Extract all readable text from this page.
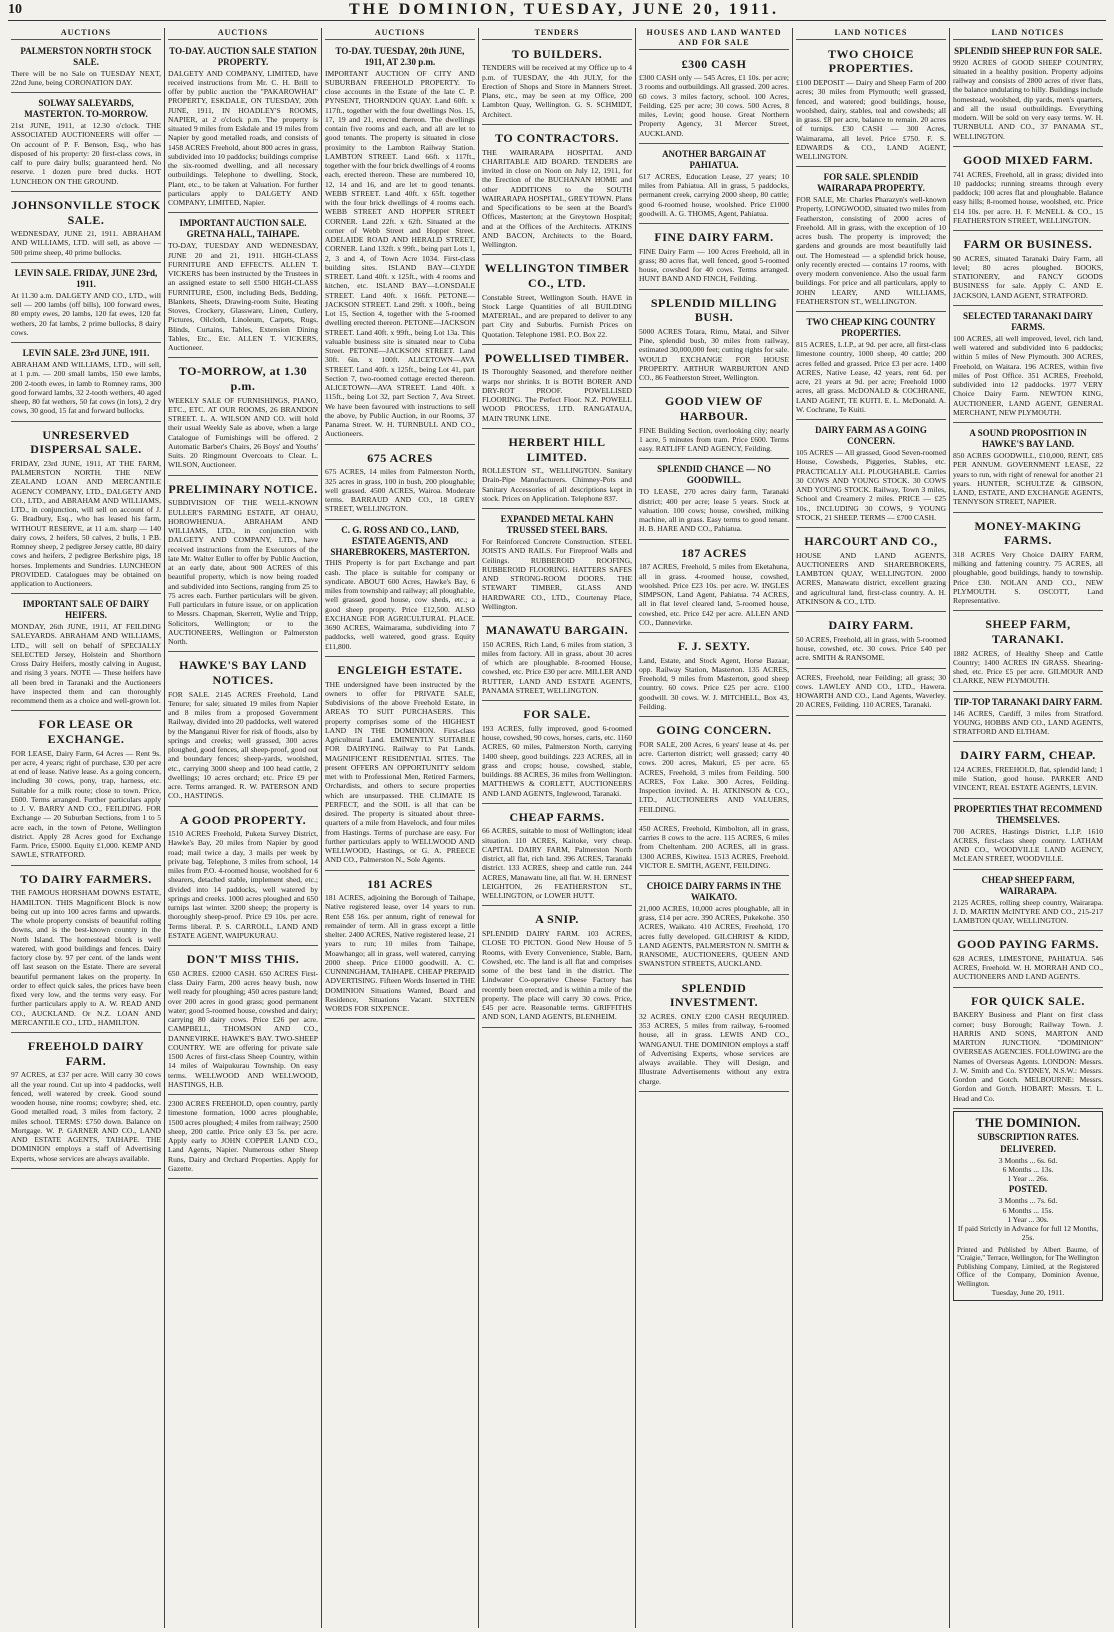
10	THE DOMINION, TUESDAY, JUNE 20, 1911.
AUCTIONS
PALMERSTON NORTH STOCK SALE.

There will be no Sale on TUESDAY NEXT, 22nd June, being CORONATION DAY.

SOLWAY SALEYARDS, MASTERTON. TO-MORROW.

21st JUNE, 1911, at 12.30 o'clock. THE ASSOCIATED AUCTIONEERS will offer — On account of P. F. Benson, Esq., who has disposed of his property: 20 first-class cows, in calf to pure dairy bulls; guaranteed herd. No reserve. 1 dozen pure bred ducks. HOT LUNCHEON ON THE GROUND.

JOHNSONVILLE STOCK SALE.

WEDNESDAY, JUNE 21, 1911. ABRAHAM AND WILLIAMS, LTD. will sell, as above — 500 prime sheep, 40 prime bullocks.

LEVIN SALE. FRIDAY, JUNE 23rd, 1911.

At 11.30 a.m. DALGETY AND CO., LTD., will sell — 200 lambs (off bills), 100 forward ewes, 80 empty ewes, 20 lambs, 120 fat ewes, 120 fat wethers, 20 fat lambs, 2 prime bullocks, 8 dairy cows.

LEVIN SALE. 23rd JUNE, 1911.

ABRAHAM AND WILLIAMS, LTD., will sell, at 1 p.m. — 200 small lambs, 150 ewe lambs, 200 2-tooth ewes, in lamb to Romney rams, 300 good forward lambs, 32 2-tooth wethers, 40 aged sheep, 80 fat wethers, 50 fat cows (in lots), 2 dry cows, 30 good, 15 fat and forward bullocks.

UNRESERVED DISPERSAL SALE.

FRIDAY, 23rd JUNE, 1911, AT THE FARM, PALMERSTON NORTH. THE NEW ZEALAND LOAN AND MERCANTILE AGENCY COMPANY, LTD., DALGETY AND CO., LTD., and ABRAHAM AND WILLIAMS, LTD., in conjunction, will sell on account of J. G. Bradbury, Esq., who has leased his farm, WITHOUT RESERVE, at 11 a.m. sharp — 140 dairy cows, 2 heifers, 50 calves, 2 bulls, 1 P.B. Romney sheep, 2 pedigree Jersey cattle, 80 dairy cows and heifers, 2 pedigree Berkshire pigs, 18 horses. Implements and Sundries. LUNCHEON PROVIDED. Catalogues may be obtained on application to Auctioneers.

IMPORTANT SALE OF DAIRY HEIFERS.

MONDAY, 26th JUNE, 1911, AT FEILDING SALEYARDS. ABRAHAM AND WILLIAMS, LTD., will sell on behalf of SPECIALLY SELECTED Jersey, Holstein and Shorthorn Cross Dairy Heifers, mostly calving in August, and rising 3 years. NOTE — These heifers have all been bred in Taranaki and the Auctioneers have inspected them and can thoroughly recommend them as a choice and well-grown lot.

FOR LEASE OR EXCHANGE.

FOR LEASE, Dairy Farm, 64 Acres — Rent 9s. per acre, 4 years; right of purchase, £30 per acre at end of lease. Native lease. As a going concern, including 30 cows, pony, trap, harness, etc. Suitable for a milk route; close to town. Price, £600. Terms arranged. Further particulars apply to J. V. BARRY AND CO., FEILDING. FOR Exchange — 20 Suburban Sections, from 1 to 5 acre each, in the town of Petone, Wellington district. Apply 28 Acres good for Exchange Farm. Price, £5000. Equity £1,000. KEMP AND SAWLE, STRATFORD.

TO DAIRY FARMERS.

THE FAMOUS HORSHAM DOWNS ESTATE, HAMILTON. THIS Magnificent Block is now being cut up into 100 acres farms and upwards. The whole property consists of beautiful rolling downs, and is the best-known country in the North Island. The homestead block is well watered, with good buildings and fences. Dairy factory close by. 97 per cent. of the lands went off last season on the Estate. There are several beautiful permanent lakes on the property. In order to effect quick sales, the prices have been fixed very low, and the terms very easy. For further particulars apply to A. W. READ AND CO., AUCKLAND. Or N.Z. LOAN AND MERCANTILE CO., LTD., HAMILTON.

FREEHOLD DAIRY FARM.

97 ACRES, at £37 per acre. Will carry 30 cows all the year round. Cut up into 4 paddocks, well fenced, well watered by creek. Good sound wooden house, nine rooms; cowbyre; shed, etc. Good metalled road, 3 miles from factory, 2 miles school. TERMS: £750 down. Balance on Mortgage. W. P. GARNER AND CO., LAND AND ESTATE AGENTS, TAIHAPE. THE DOMINION employs a staff of Advertising Experts, whose services are always available.

AUCTIONS
TO-DAY. AUCTION SALE STATION PROPERTY.

DALGETY AND COMPANY, LIMITED, have received instructions from Mr. C. H. Brill to offer by public auction the "PAKAROWHAI" PROPERTY, ESKDALE, ON TUESDAY, 20th JUNE, 1911, IN HOADLEY'S ROOMS, NAPIER, at 2 o'clock p.m. The property is situated 9 miles from Eskdale and 19 miles from Napier by good metalled roads, and consists of 1458 ACRES Freehold, about 800 acres in grass, subdivided into 10 paddocks; buildings comprise the six-roomed dwelling, and all necessary outbuildings. Telephone to dwelling. Stock, Plant, etc., to be taken at Valuation. For further particulars apply to DALGETY AND COMPANY, LIMITED, Napier.

IMPORTANT AUCTION SALE. GRETNA HALL, TAIHAPE.

TO-DAY, TUESDAY AND WEDNESDAY, JUNE 20 and 21, 1911. HIGH-CLASS FURNITURE AND EFFECTS. ALLEN T. VICKERS has been instructed by the Trustees in an assigned estate to sell £500 HIGH-CLASS FURNITURE, £500, including Beds, Bedding, Blankets, Sheets, Drawing-room Suite, Heating Stoves, Crockery, Glassware, Linen, Cutlery, Pictures, Oilcloth, Linoleum, Carpets, Rugs, Blinds, Curtains, Tables, Extension Dining Tables, Etc., Etc. ALLEN T. VICKERS, Auctioneer.

TO-MORROW, at 1.30 p.m.

WEEKLY SALE OF FURNISHINGS, PIANO, ETC., ETC. AT OUR ROOMS, 26 BRANDON STREET. L. A. WILSON AND CO. will hold their usual Weekly Sale as above, when a large Catalogue of Furnishings will be offered. 2 Automatic Barber's Chairs, 26 Boys' and Youths' Suits. 20 Ringmount Overcoats to Clear. L. WILSON, Auctioneer.

PRELIMINARY NOTICE.

SUBDIVISION OF THE WELL-KNOWN EULLER'S FARMING ESTATE, AT OHAU, HOROWHENUA. ABRAHAM AND WILLIAMS, LTD., in conjunction with DALGETY AND COMPANY, LTD., have received instructions from the Executors of the late Mr. Walter Euller to offer by Public Auction, at an early date, about 900 ACRES of this beautiful property, which is now being roaded and subdivided into Sections, ranging from 25 to 75 acres each. Further particulars will be given. Full particulars in future issue, or on application to Messrs. Chapman, Skerrett, Wylie and Tripp, Solicitors, Wellington; or to the AUCTIONEERS, Wellington or Palmerston North.

HAWKE'S BAY LAND NOTICES.

FOR SALE. 2145 ACRES Freehold, Land Tenure; for sale; situated 19 miles from Napier and 8 miles from a proposed Government Railway, divided into 20 paddocks, well watered by the Manganui River for risk of floods, also by springs and creeks; well grassed, 300 acres ploughed, good fences, all sheep-proof, good out and boundary fences; sheep-yards, woolshed, etc., carrying 3000 sheep and 100 head cattle, 2 dwellings; 10 acres orchard; etc. Price £9 per acre. Terms arranged. R. W. PATERSON AND CO., HASTINGS.

A GOOD PROPERTY.

1510 ACRES Freehold, Puketa Survey District, Hawke's Bay, 20 miles from Napier by good road; mail twice a day, 3 mails per week by private bag. Telephone, 3 miles from school, 14 miles from P.O. 4-roomed house, woolshed for 6 shearers, detached stable, implement shed, etc.; divided into 14 paddocks, well watered by springs and creeks. 1000 acres ploughed and 650 turnips last winter. 3200 sheep; the property is thoroughly sheep-proof. Price £9 10s. per acre. Terms liberal. P. S. CARROLL, LAND AND ESTATE AGENT, WAIPUKURAU.

DON'T MISS THIS.

650 ACRES. £2000 CASH. 650 ACRES First-class Dairy Farm, 200 acres heavy bush, now well ready for ploughing; 450 acres pasture land; over 200 acres in good grass; good permanent water; good 5-roomed house, cowshed and dairy; carrying 80 dairy cows. Price £26 per acre. CAMPBELL, THOMSON AND CO., DANNEVIRKE. HAWKE'S BAY. TWO-SHEEP COUNTRY. WE are offering for private sale 1500 Acres of first-class Sheep Country, within 14 miles of Waipukurau Township. On easy terms. WELLWOOD AND WELLWOOD, HASTINGS, H.B.

2300 ACRES FREEHOLD, open country, partly limestone formation, 1000 acres ploughable, 1500 acres ploughed; 4 miles from railway; 2500 sheep, 200 cattle. Price only £3 5s. per acre. Apply early to JOHN COPPER LAND CO., Land Agents, Napier. Numerous other Sheep Runs, Dairy and Orchard Properties. Apply for Gazette.

AUCTIONS
TO-DAY. TUESDAY, 20th JUNE, 1911, AT 2.30 p.m.

IMPORTANT AUCTION OF CITY AND SUBURBAN FREEHOLD PROPERTY. To close accounts in the Estate of the late C. P. PYNSENT, THORNDON QUAY. Land 60ft. x 117ft., together with the four dwellings Nos. 15, 17, 19 and 21, erected thereon. The dwellings contain five rooms and each, and all are let to good tenants. The property is situated in close proximity to the Lambton Railway Station. LAMBTON STREET. Land 66ft. x 117ft., together with the four brick dwellings of 4 rooms each, erected thereon. These are numbered 10, 12, 14 and 16, and are let to good tenants. WEBB STREET. Land 40ft. x 65ft. together with the four brick dwellings of 4 rooms each. WEBB STREET AND HOPPER STREET CORNER. Land 22ft. x 62ft. Situated at the corner of Webb Street and Hopper Street. ADELAIDE ROAD AND HERALD STREET, CORNER. Land 132ft. x 99ft., being part Lots 1, 2, 3 and 4, of Town Acre 1034. First-class building sites. ISLAND BAY—CLYDE STREET. Land 40ft. x 125ft., with 4 rooms and kitchen, etc. ISLAND BAY—LONSDALE STREET. Land 40ft. x 166ft. PETONE—JACKSON STREET. Land 29ft. x 100ft., being Lot 15, Section 4, together with the 5-roomed dwelling erected thereon. PETONE—JACKSON STREET. Land 40ft. x 99ft., being Lot 13a. This valuable business site is situated near to Cuba Street. PETONE—JACKSON STREET. Land 30ft. 6in. x 100ft. ALICETOWN—AVA STREET. Land 40ft. x 125ft., being Lot 41, part Section 7, two-roomed cottage erected thereon. ALICETOWN—AVA STREET. Land 40ft. x 115ft., being Lot 32, part Section 7, Ava Street. We have been favoured with instructions to sell the above, by Public Auction, in our Rooms, 37 Panama Street. W. H. TURNBULL AND CO., Auctioneers.

675 ACRES

675 ACRES, 14 miles from Palmerston North, 325 acres in grass, 100 in bush, 200 ploughable; well grassed. 4500 ACRES, Wairoa. Moderate terms. BARRAUD AND CO., 18 GREY STREET, WELLINGTON.

C. G. ROSS AND CO., LAND, ESTATE AGENTS, AND SHAREBROKERS, MASTERTON.

THIS Property is for part Exchange and part cash. The place is suitable for company or syndicate. ABOUT 600 Acres, Hawke's Bay, 6 miles from township and railway; all ploughable, well grassed, good house, cow sheds, etc.; a good sheep property. Price £12,500. ALSO EXCHANGE FOR AGRICULTURAL PLACE. 3690 ACRES, Waimarama, subdividing into 7 paddocks, well watered, good grass. Equity £11,800.

ENGLEIGH ESTATE.

THE undersigned have been instructed by the owners to offer for PRIVATE SALE, Subdivisions of the above Freehold Estate, in AREAS TO SUIT PURCHASERS. This property comprises some of the HIGHEST LAND IN THE DOMINION. First-class Agricultural Land. EMINENTLY SUITABLE FOR DAIRYING. Railway to Pat Lands. MAGNIFICENT RESIDENTIAL SITES. The present OFFERS AN OPPORTUNITY seldom met with to Professional Men, Retired Farmers, Orchardists, and others to secure properties which are unsurpassed. THE CLIMATE IS PERFECT, and the SOIL is all that can be desired. The property is situated about three-quarters of a mile from Havelock, and four miles from Hastings. Terms of purchase are easy. For further particulars apply to WELLWOOD AND WELLWOOD, Hastings, or G. A. PREECE AND CO., Palmerston N., Sole Agents.

181 ACRES

181 ACRES, adjoining the Borough of Taihape, Native registered lease, over 14 years to run. Rent £58 16s. per annum, right of renewal for remainder of term. All in grass except a little shelter. 2400 ACRES, Native registered lease, 21 years to run; 10 miles from Taihape, Moawhango; all in grass, well watered, carrying 2000 sheep. Price £1000 goodwill. A. C. CUNNINGHAM, TAIHAPE. CHEAP PREPAID ADVERTISING. Fifteen Words Inserted in THE DOMINION Situations Wanted, Board and Residence, Situations Vacant. SIXTEEN WORDS FOR SIXPENCE.

TENDERS
TO BUILDERS.

TENDERS will be received at my Office up to 4 p.m. of TUESDAY, the 4th JULY, for the Erection of Shops and Store in Manners Street. Plans, etc., may be seen at my Office, 200 Lambton Quay, Wellington. G. S. SCHMIDT, Architect.

TO CONTRACTORS.

THE WAIRARAPA HOSPITAL AND CHARITABLE AID BOARD. TENDERS are invited in close on Noon on July 12, 1911, for the Erection of the BUCHANAN HOME and other ADDITIONS to the SOUTH WAIRARAPA HOSPITAL, GREYTOWN. Plans and Specifications to be seen at the Board's Offices, Masterton; at the Greytown Hospital; and at the Offices of the Architects. ATKINS AND BACON, Architects to the Board, Wellington.

WELLINGTON TIMBER CO., LTD.

Constable Street, Wellington South. HAVE in Stock Large Quantities of all BUILDING MATERIAL, and are prepared to deliver to any part City and Suburbs. Furnish Prices on Quotation. Telephone 1981. P.O. Box 22.

POWELLISED TIMBER.

IS Thoroughly Seasoned, and therefore neither warps nor shrinks. It is BOTH BORER AND DRY-ROT PROOF. POWELLISED FLOORING. The Perfect Floor. N.Z. POWELL WOOD PROCESS, LTD. RANGATAUA, MAIN TRUNK LINE.

HERBERT HILL LIMITED.

ROLLESTON ST., WELLINGTON. Sanitary Drain-Pipe Manufacturers. Chimney-Pots and Sanitary Accessories of all descriptions kept in stock. Prices on Application. Telephone 837.

EXPANDED METAL KAHN TRUSSED STEEL BARS.

For Reinforced Concrete Construction. STEEL JOISTS AND RAILS. For Fireproof Walls and Ceilings. RUBBEROID ROOFING, RUBBEROID FLOORING. HATTERS SAFES AND STRONG-ROOM DOORS. THE STEWART TIMBER, GLASS AND HARDWARE CO., LTD., Courtenay Place, Wellington.

MANAWATU BARGAIN.

150 ACRES, Rich Land, 6 miles from station, 3 miles from factory. All in grass, about 30 acres of which are ploughable. 8-roomed House, cowshed, etc. Price £30 per acre. MILLER AND RUTTER, LAND AND ESTATE AGENTS, PANAMA STREET, WELLINGTON.

FOR SALE.

193 ACRES, fully improved, good 6-roomed house, cowshed, 90 cows, horses, carts, etc. 1160 ACRES, 60 miles, Palmerston North, carrying 1400 sheep, good buildings. 223 ACRES, all in grass and crops; house, cowshed, stable, buildings. 88 ACRES, 36 miles from Wellington. MATTHEWS & CORLETT, AUCTIONEERS AND LAND AGENTS, Inglewood, Taranaki.

CHEAP FARMS.

66 ACRES, suitable to most of Wellington; ideal situation. 110 ACRES, Kaitoke, very cheap. CAPITAL DAIRY FARM, Palmerston North district, all flat, rich land. 396 ACRES, Taranaki district. 133 ACRES, sheep and cattle run. 244 ACRES, Manawatu line, all flat. W. H. ERNEST LEIGHTON, 26 FEATHERSTON ST., WELLINGTON, or LOWER HUTT.

A SNIP.

SPLENDID DAIRY FARM. 103 ACRES, CLOSE TO PICTON. Good New House of 5 Rooms, with Every Convenience, Stable, Barn, Cowshed, etc. The land is all flat and comprises some of the best land in the district. The Lindwater Co-operative Cheese Factory has recently been erected, and is within a mile of the property. The place will carry 30 cows. Price, £45 per acre. Reasonable terms. GRIFFITHS AND SON, LAND AGENTS, BLENHEIM.

HOUSES AND LAND WANTED AND FOR SALE
£300 CASH

£300 CASH only — 545 Acres, £1 10s. per acre; 3 rooms and outbuildings. All grassed. 200 acres. 60 cows. 3 miles factory, school. 100 Acres, Feilding, £25 per acre; 30 cows. 500 Acres, 8 miles, Levin; good house. Great Northern Property Agency, 31 Mercer Street, AUCKLAND.

ANOTHER BARGAIN AT PAHIATUA.

617 ACRES, Education Lease, 27 years; 10 miles from Pahiatua. All in grass, 5 paddocks, permanent creek, carrying 2000 sheep, 80 cattle; good 6-roomed house, woolshed. Price £1000 goodwill. A. G. THOMS, Agent, Pahiatua.

FINE DAIRY FARM.

FINE Dairy Farm — 100 Acres Freehold, all in grass; 80 acres flat, well fenced, good 5-roomed house, cowshed for 40 cows. Terms arranged. HUNT BAND AND FINCH, Feilding.

SPLENDID MILLING BUSH.

5000 ACRES Totara, Rimu, Matai, and Silver Pine, splendid bush, 30 miles from railway, estimated 30,000,000 feet; cutting rights for sale. WOULD EXCHANGE FOR HOUSE PROPERTY. ARTHUR WARBURTON AND CO., 86 Featherston Street, Wellington.

GOOD VIEW OF HARBOUR.

FINE Building Section, overlooking city; nearly 1 acre, 5 minutes from tram. Price £600. Terms easy. RATLIFF LAND AGENCY, Feilding.

SPLENDID CHANCE — NO GOODWILL.

TO LEASE, 270 acres dairy farm, Taranaki district; 400 per acre; lease 5 years. Stock at valuation. 100 cows; house, cowshed, milking machine, all in grass. Easy terms to good tenant. H. B. HARE AND CO., Pahiatua.

187 ACRES

187 ACRES, Freehold, 5 miles from Eketahuna, all in grass. 4-roomed house, cowshed, woolshed. Price £23 10s. per acre. W. INGLES SIMPSON, Land Agent, Pahiatua. 74 ACRES, all in flat level cleared land, 5-roomed house, cowshed, etc. Price £42 per acre. ALLEN AND CO., Dannevirke.

F. J. SEXTY.

Land, Estate, and Stock Agent, Horse Bazaar, opp. Railway Station, Masterton. 135 ACRES, Freehold, 9 miles from Masterton, good sheep country. 60 cows. Price £25 per acre. £100 goodwill. 30 cows. W. J. MITCHELL, Box 43, Feilding.

GOING CONCERN.

FOR SALE, 200 Acres, 6 years' lease at 4s. per acre. Carterton district; well grassed; carry 40 cows. 200 acres, Makuri, £5 per acre. 65 ACRES, Freehold, 3 miles from Feilding. 500 ACRES, Fox Lake. 300 Acres, Feilding. Inspection invited. A. H. ATKINSON & CO., LTD., AUCTIONEERS AND VALUERS, FEILDING.

450 ACRES, Freehold, Kimbolton, all in grass, carries 8 cows to the acre. 115 ACRES, 6 miles from Cheltenham. 200 ACRES, all in grass. 1300 ACRES, Kiwitea. 1513 ACRES, Freehold. VICTOR E. SMITH, AGENT, FEILDING.

CHOICE DAIRY FARMS IN THE WAIKATO.

21,000 ACRES, 10,000 acres ploughable, all in grass, £14 per acre. 390 ACRES, Pukekohe. 350 ACRES, Waikato. 410 ACRES, Freehold, 170 acres fully developed. GILCHRIST & KIDD, LAND AGENTS, PALMERSTON N. SMITH & RANSOME, AUCTIONEERS, QUEEN AND SWANSTON STREETS, AUCKLAND.

SPLENDID INVESTMENT.

32 ACRES. ONLY £200 CASH REQUIRED. 353 ACRES, 5 miles from railway, 6-roomed house, all in grass. LEWIS AND CO., WANGANUI. THE DOMINION employs a staff of Advertising Experts, whose services are always available. They will Design, and Illustrate Advertisements without any extra charge.

LAND NOTICES
TWO CHOICE PROPERTIES.

£100 DEPOSIT — Dairy and Sheep Farm of 200 acres; 30 miles from Plymouth; well grassed, fenced, and watered; good buildings, house, woolshed, dairy, stables, teal and cowsheds; all in grass. £8 per acre, balance to remain. 20 acres of turnips. £30 CASH — 300 Acres, Waimarama, all level. Price £750. F. S. EDWARDS & CO., LAND AGENT, WELLINGTON.

FOR SALE. SPLENDID WAIRARAPA PROPERTY.

FOR SALE, Mr. Charles Pharazyn's well-known Property, LONGWOOD, situated two miles from Featherston, consisting of 2000 acres of Freehold. All in grass, with the exception of 10 acres bush. The property is improved; the gardens and grounds are most beautifully laid out. The Homestead — a splendid brick house, only recently erected — contains 17 rooms, with every modern convenience. Also the usual farm buildings. For price and all particulars, apply to JOHN LEARY, AND WILLIAMS, FEATHERSTON ST., WELLINGTON.

TWO CHEAP KING COUNTRY PROPERTIES.

815 ACRES, L.I.P., at 9d. per acre, all first-class limestone country, 1000 sheep, 40 cattle; 200 acres felled and grassed. Price £3 per acre. 1400 ACRES, Native Lease, 42 years, rent 6d. per acre, 21 years at 9d. per acre; Freehold 1000 acres, all grass. McDONALD & COCHRANE, LAND AGENT, TE KUITI. E. L. McDonald. A. W. Cochrane, Te Kuiti.

DAIRY FARM AS A GOING CONCERN.

105 ACRES — All grassed, Good Seven-roomed House, Cowsheds, Piggeries, Stables, etc. PRACTICALLY ALL PLOUGHABLE. Carries 30 COWS AND YOUNG STOCK. 30 COWS AND YOUNG STOCK. Railway, Town 3 miles, School and Creamery 2 miles. PRICE — £25 10s., INCLUDING 30 COWS, 9 YOUNG STOCK, 21 SHEEP. TERMS — £700 CASH.

HARCOURT AND CO.,

HOUSE AND LAND AGENTS, AUCTIONEERS AND SHAREBROKERS, LAMBTON QUAY, WELLINGTON. 2000 ACRES, Manawatu district, excellent grazing and agricultural land, first-class country. A. H. ATKINSON & CO., LTD.

DAIRY FARM.

50 ACRES, Freehold, all in grass, with 5-roomed house, cowshed, etc. 30 cows. Price £40 per acre. SMITH & RANSOME.

ACRES, Freehold, near Feilding; all grass; 30 cows. LAWLEY AND CO., LTD., Hawera. HOWARTH AND CO., Land Agents, Waverley. 20 ACRES, Feilding. 110 ACRES, Taranaki.

LAND NOTICES
SPLENDID SHEEP RUN FOR SALE.

9920 ACRES of GOOD SHEEP COUNTRY, situated in a healthy position. Property adjoins railway and consists of 2800 acres of river flats, the balance undulating to hilly. Buildings include homestead, woolshed, dip yards, men's quarters, and all the usual outbuildings. Everything modern. Will be sold on very easy terms. W. H. TURNBULL AND CO., 37 PANAMA ST., WELLINGTON.

GOOD MIXED FARM.

741 ACRES, Freehold, all in grass; divided into 10 paddocks; running streams through every paddock; 100 acres flat and ploughable. Balance easy hills; 8-roomed house, woolshed, etc. Price £14 10s. per acre. H. F. McNELL & CO., 15 FEATHERSTON STREET, WELLINGTON.

FARM OR BUSINESS.

90 ACRES, situated Taranaki Dairy Farm, all level; 80 acres ploughed. BOOKS, STATIONERY, and FANCY GOODS BUSINESS for sale. Apply C. AND E. JACKSON, LAND AGENT, STRATFORD.

SELECTED TARANAKI DAIRY FARMS.

100 ACRES, all well improved, level, rich land, well watered and subdivided into 6 paddocks; within 5 miles of New Plymouth. 300 ACRES, Freehold, on Waitara. 196 ACRES, within five miles of Post Office. 351 ACRES, Freehold, subdivided into 12 paddocks. 1977 VERY Choice Dairy Farm. NEWTON KING, AUCTIONEER, LAND AGENT, GENERAL MERCHANT, NEW PLYMOUTH.

A SOUND PROPOSITION IN HAWKE'S BAY LAND.

850 ACRES GOODWILL, £10,000, RENT, £85 PER ANNUM. GOVERNMENT LEASE, 22 years to run, with right of renewal for another 21 years. HUNTER, SCHULTZE & GIBSON, LAND, ESTATE, AND EXCHANGE AGENTS, TENNYSON STREET, NAPIER.

MONEY-MAKING FARMS.

318 ACRES Very Choice DAIRY FARM, milking and fattening country. 75 ACRES, all ploughable, good buildings, handy to township. Price £30. NOLAN AND CO., NEW PLYMOUTH. S. OSCOTT, Land Representative.

SHEEP FARM, TARANAKI.

1882 ACRES, of Healthy Sheep and Cattle Country; 1400 ACRES IN GRASS. Shearing-shed, etc. Price £5 per acre. GILMOUR AND CLARKE, NEW PLYMOUTH.

TIP-TOP TARANAKI DAIRY FARM.

146 ACRES, Cardiff, 3 miles from Stratford. YOUNG, HOBBS AND CO., LAND AGENTS, STRATFORD AND ELTHAM.

DAIRY FARM, CHEAP.

124 ACRES, FREEHOLD, flat, splendid land; 1 mile Station, good house. PARKER AND VINCENT, REAL ESTATE AGENTS, LEVIN.

PROPERTIES THAT RECOMMEND THEMSELVES.

700 ACRES, Hastings District, L.I.P. 1610 ACRES, first-class sheep country. LATHAM AND CO., WOODVILLE LAND AGENCY, McLEAN STREET, WOODVILLE.

CHEAP SHEEP FARM, WAIRARAPA.

2125 ACRES, rolling sheep country, Wairarapa. J. D. MARTIN McINTYRE AND CO., 215-217 LAMBTON QUAY, WELLINGTON.

GOOD PAYING FARMS.

628 ACRES, LIMESTONE, PAHIATUA. 546 ACRES, Freehold. W. H. MORRAH AND CO., AUCTIONEERS AND LAND AGENTS.

FOR QUICK SALE.

BAKERY Business and Plant on first class corner; busy Borough; Railway Town. J. HARRIS AND SONS, MARTON AND MARTON JUNCTION. "DOMINION" OVERSEAS AGENCIES. FOLLOWING are the Names of Overseas Agents. LONDON: Messrs. J. W. Smith and Co. SYDNEY, N.S.W.: Messrs. Gordon and Gotch. MELBOURNE: Messrs. Gordon and Gotch. HOBART: Messrs. T. L. Head and Co.

THE DOMINION.
SUBSCRIPTION RATES.
DELIVERED.
3 Months ... 6s. 6d.
6 Months ... 13s.
1 Year ... 26s.
POSTED.
3 Months ... 7s. 6d.
6 Months ... 15s.
1 Year ... 30s.
If paid Strictly in Advance for full 12 Months, 25s.
Printed and Published by Albert Baume, of "Craigie," Terrace, Wellington, for The Wellington Publishing Company, Limited, at the Registered Office of the Company, Dominion Avenue, Wellington.
Tuesday, June 20, 1911.
